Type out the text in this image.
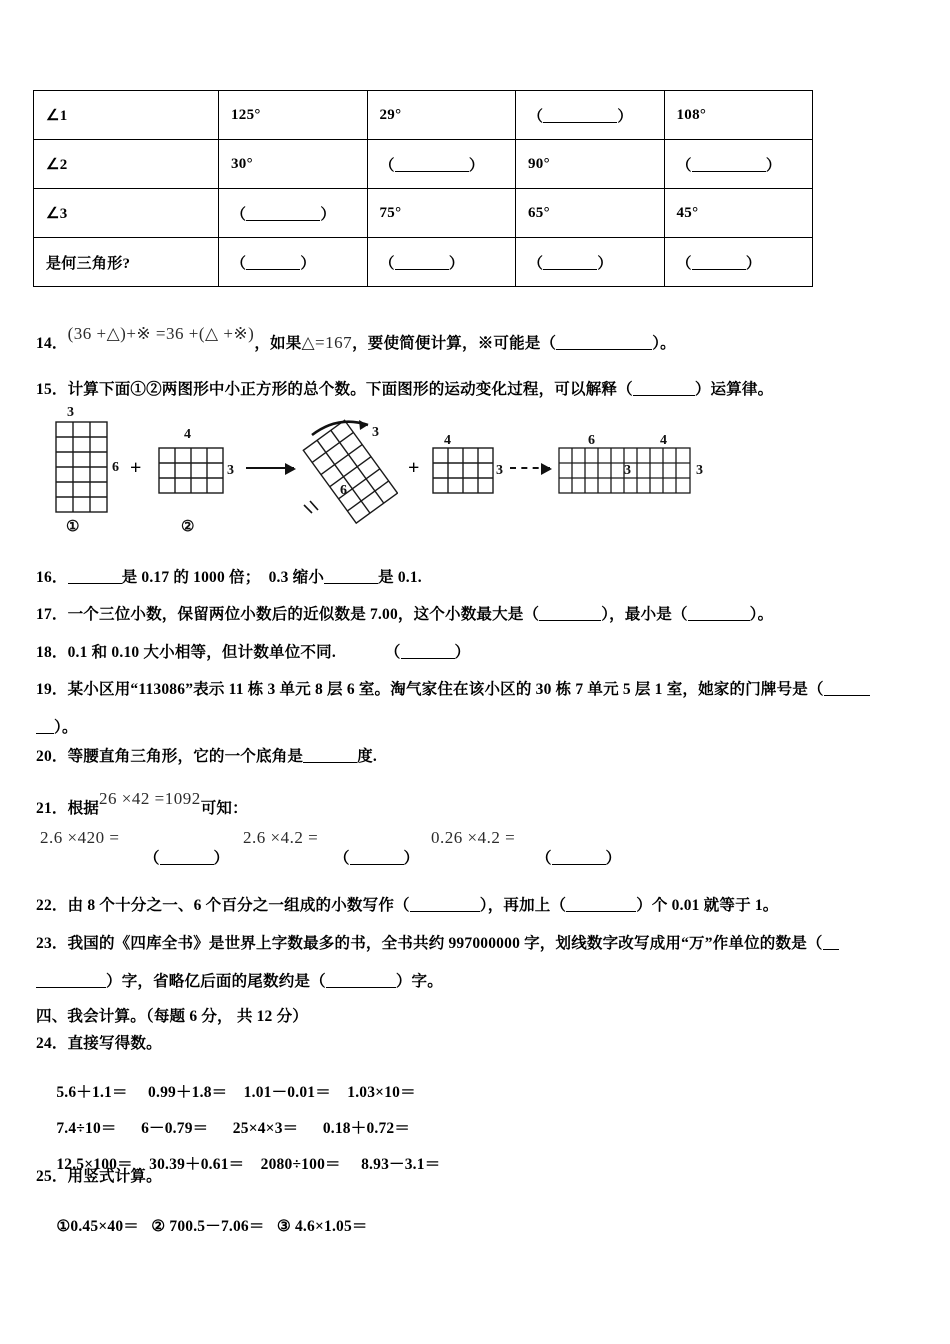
∠1	125°	29°	（ ）	108°
∠2	30°	（ ）	90°	（ ）
∠3	（ ）	75°	65°	45°
是何三角形?	（ ）	（ ）	（ ）	（ ）
14．(36 +△)+※ =36 +(△ +※)，如果△=167，要使简便计算，※可能是（	）。
15．计算下面①②两图形中小正方形的总个数。下面图形的运动变化过程，可以解释（	）运算律。
3
6
①
+
4
3
②
3
6
+
4
3
6	4
3	3
16．	是 0.17 的 1000 倍； 0.3 缩小	是 0.1.
17．一个三位小数，保留两位小数后的近似数是 7.00，这个小数最大是（	），最小是（	）。
18．0.1 和 0.10 大小相等，但计数单位不同.	（	）
19．某小区用“113086”表示 11 栋 3 单元 8 层 6 室。淘气家住在该小区的 30 栋 7 单元 5 层 1 室，她家的门牌号是（
）。
20．等腰直角三角形，它的一个底角是	度.
21．根据26 ×42 =1092可知：
2.6 ×420 =
（	）
2.6 ×4.2 =
（	）
0.26 ×4.2 =
（	）
22．由 8 个十分之一、6 个百分之一组成的小数写作（	），再加上（	）个 0.01 就等于 1。
23．我国的《四库全书》是世界上字数最多的书，全书共约 997000000 字，划线数字改写成用“万”作单位的数是（
）字，省略亿后面的尾数约是（	）字。
四、我会计算。（每题 6 分， 共 12 分）
24．直接写得数。

5.6＋1.1＝ 0.99＋1.8＝ 1.01－0.01＝ 1.03×10＝

7.4÷10＝ 6－0.79＝ 25×4×3＝ 0.18＋0.72＝

12.5×100＝ 30.39＋0.61＝ 2080÷100＝ 8.93－3.1＝

25．用竖式计算。

①0.45×40＝ ② 700.5－7.06＝ ③ 4.6×1.05＝
